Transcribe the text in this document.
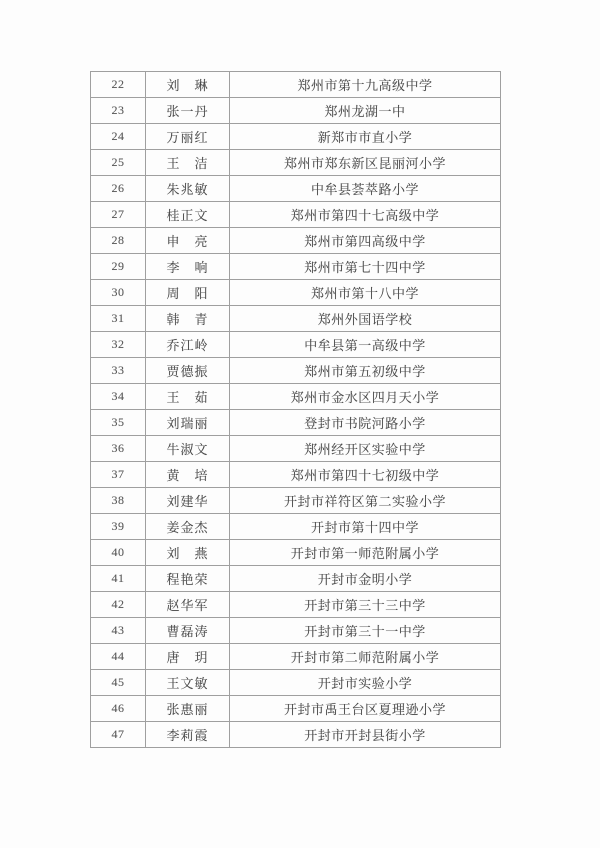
22	刘　琳	郑州市第十九高级中学
23	张一丹	郑州龙湖一中
24	万丽红	新郑市市直小学
25	王　洁	郑州市郑东新区昆丽河小学
26	朱兆敏	中牟县荟萃路小学
27	桂正文	郑州市第四十七高级中学
28	申　亮	郑州市第四高级中学
29	李　响	郑州市第七十四中学
30	周　阳	郑州市第十八中学
31	韩　青	郑州外国语学校
32	乔江岭	中牟县第一高级中学
33	贾德振	郑州市第五初级中学
34	王　茹	郑州市金水区四月天小学
35	刘瑞丽	登封市书院河路小学
36	牛淑文	郑州经开区实验中学
37	黄　培	郑州市第四十七初级中学
38	刘建华	开封市祥符区第二实验小学
39	姜金杰	开封市第十四中学
40	刘　燕	开封市第一师范附属小学
41	程艳荣	开封市金明小学
42	赵华军	开封市第三十三中学
43	曹磊涛	开封市第三十一中学
44	唐　玥	开封市第二师范附属小学
45	王文敏	开封市实验小学
46	张惠丽	开封市禹王台区夏理逊小学
47	李莉霞	开封市开封县街小学
